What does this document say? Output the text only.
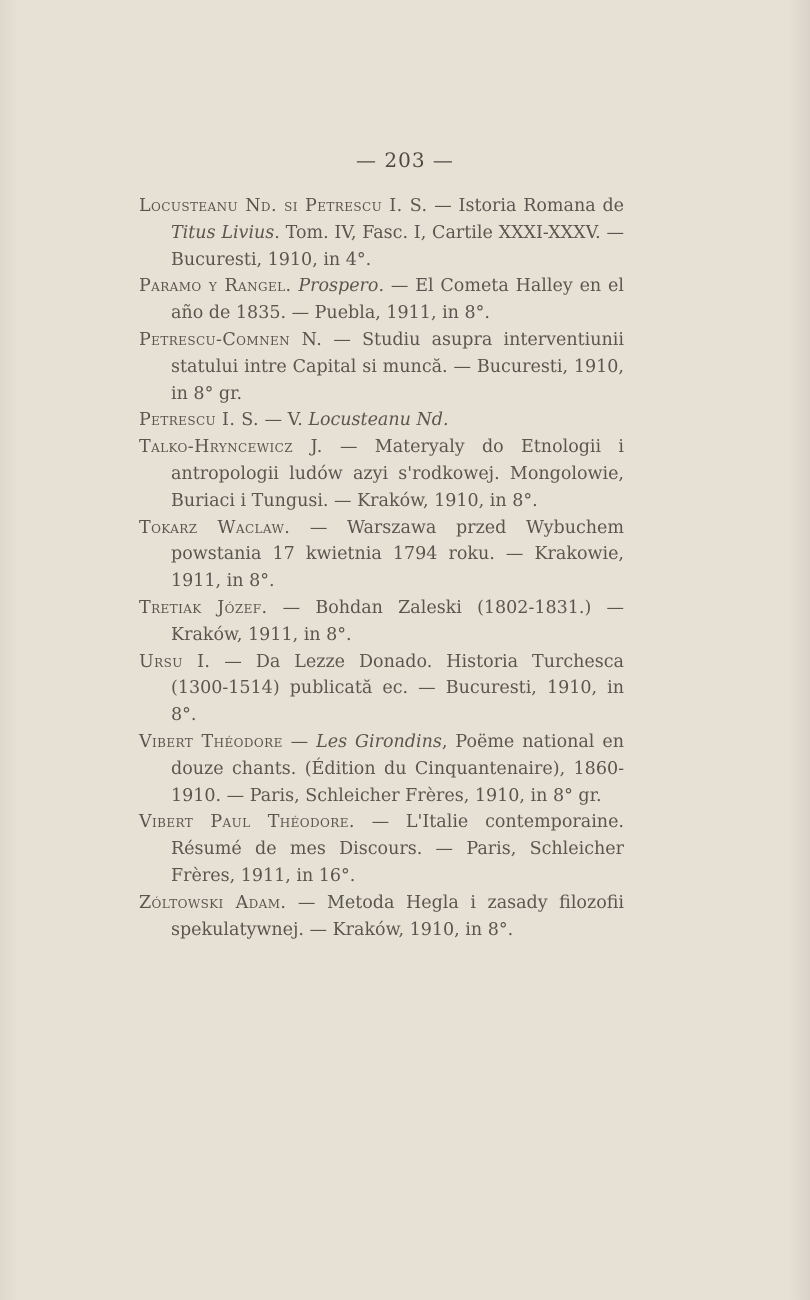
— 203 —

Locusteanu Nd. si Petrescu I. S. — Istoria Romana de Titus Livius. Tom. IV, Fasc. I, Cartile XXXI-XXXV. — Bucuresti, 1910, in 4°.

Paramo y Rangel. Prospero. — El Cometa Halley en el año de 1835. — Puebla, 1911, in 8°.

Petrescu-Comnen N. — Studiu asupra interventiunii statului intre Capital si muncă. — Bucuresti, 1910, in 8° gr.

Petrescu I. S. — V. Locusteanu Nd.

Talko-Hryncewicz J. — Materyaly do Etnologii i antropologii ludów azyi s'rodkowej. Mongolowie, Buriaci i Tungusi. — Kraków, 1910, in 8°.

Tokarz Waclaw. — Warszawa przed Wybuchem powstania 17 kwietnia 1794 roku. — Krakowie, 1911, in 8°.

Tretiak Józef. — Bohdan Zaleski (1802-1831.) — Kraków, 1911, in 8°.

Ursu I. — Da Lezze Donado. Historia Turchesca (1300-1514) publicată ec. — Bucuresti, 1910, in 8°.

Vibert Théodore — Les Girondins, Poëme national en douze chants. (Édition du Cinquantenaire), 1860-1910. — Paris, Schleicher Frères, 1910, in 8° gr.

Vibert Paul Théodore. — L'Italie contemporaine. Résumé de mes Discours. — Paris, Schleicher Frères, 1911, in 16°.

Zóltowski Adam. — Metoda Hegla i zasady filozofii spekulatywnej. — Kraków, 1910, in 8°.
